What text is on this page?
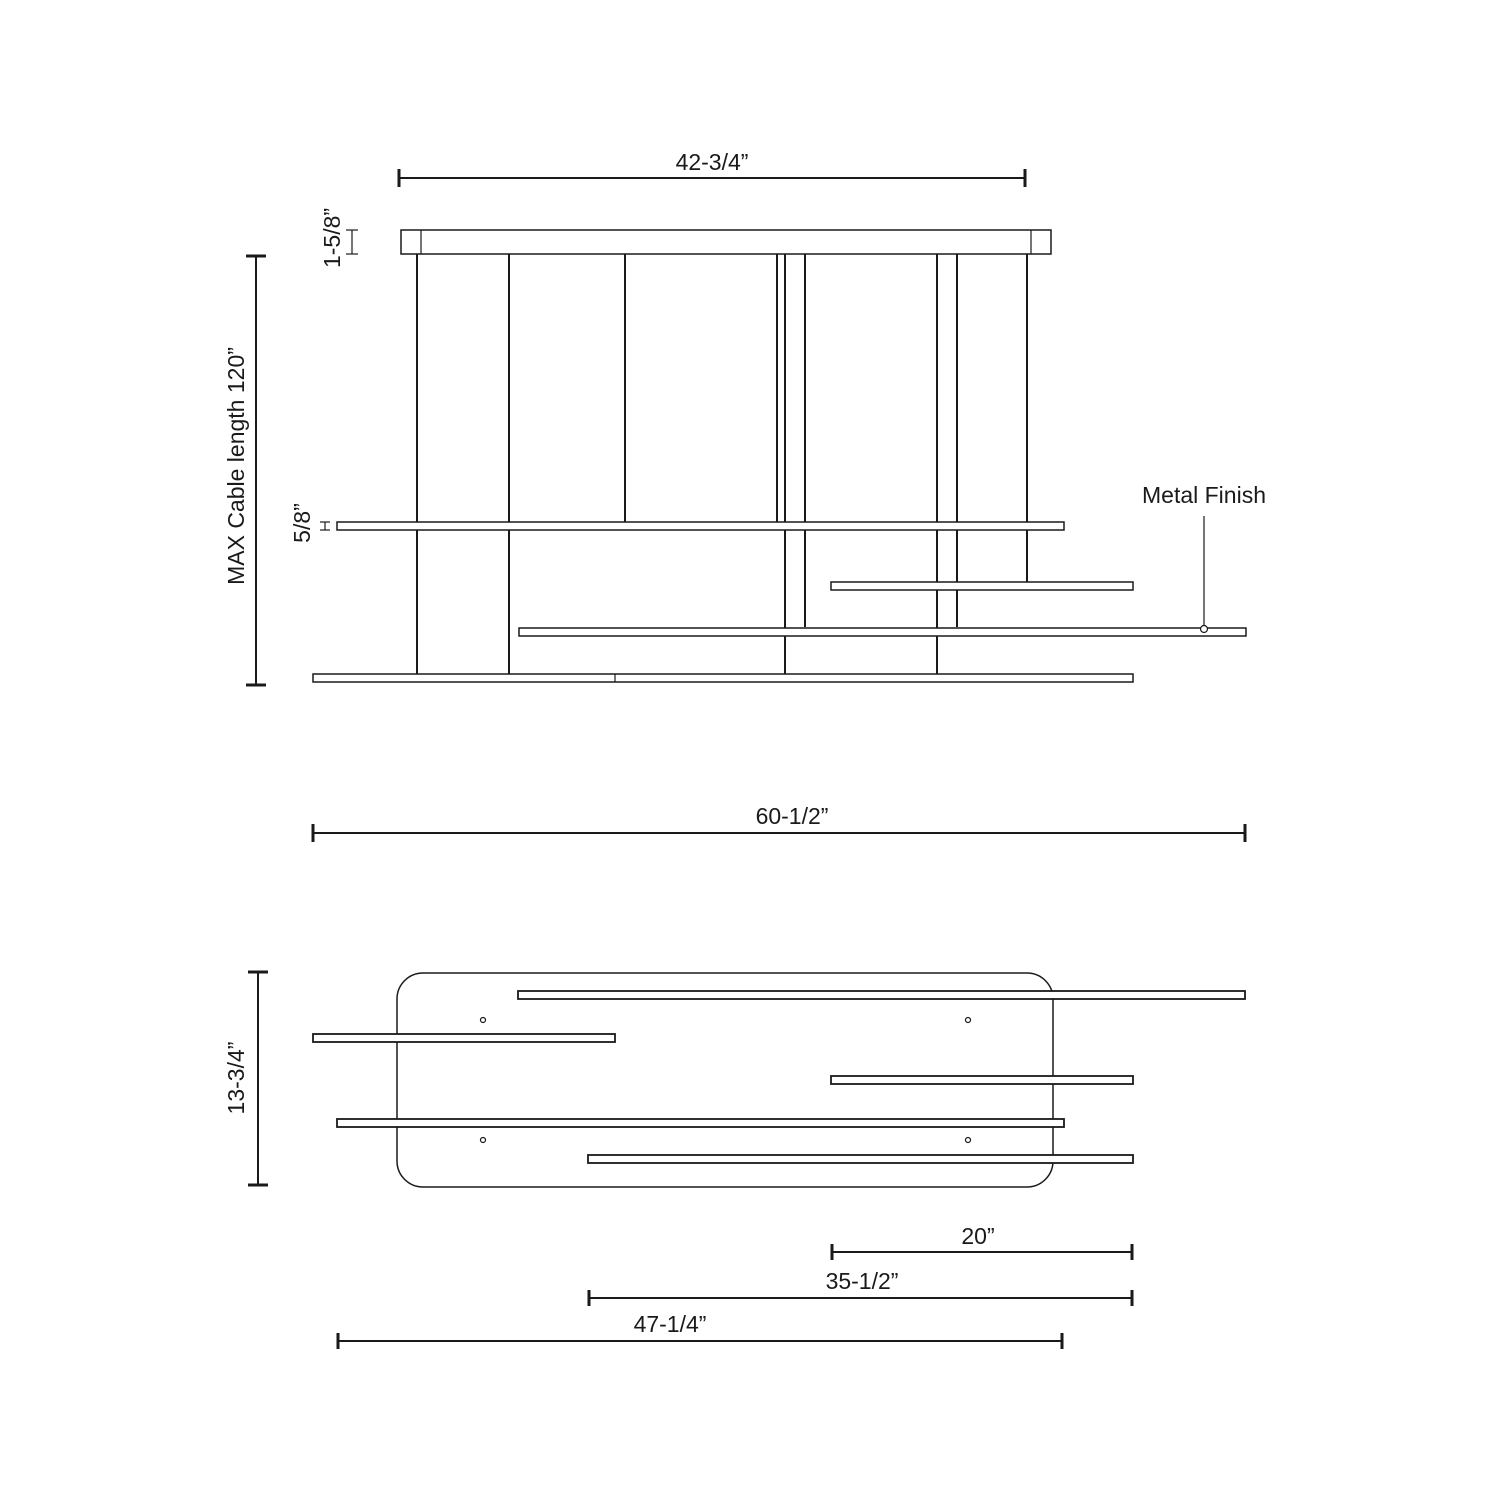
42-3/4”
1-5/8”
MAX Cable length 120” 5/8”
Metal Finish
60-1/2”
13-3/4”
20”
35-1/2”
47-1/4”
